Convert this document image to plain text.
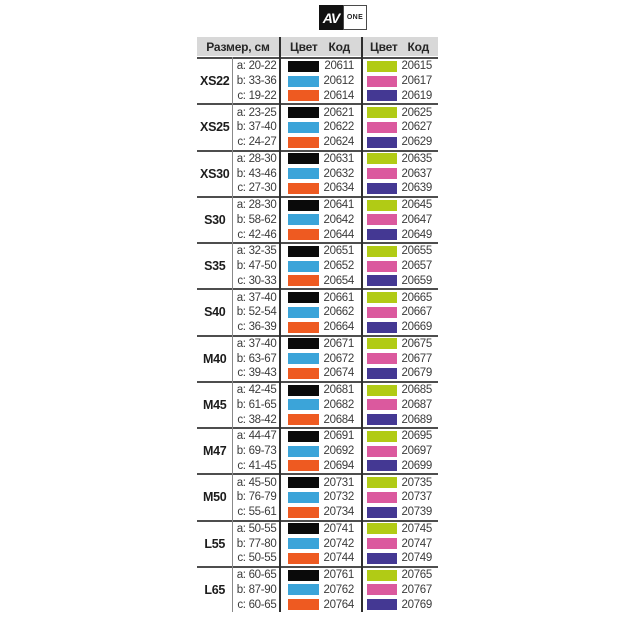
AV	ONE
Размер, см	Цвет Код Цвет Код
XS22
a: 20-22	20611	20615
b: 33-36	20612	20617
c: 19-22	20614	20619
XS25
a: 23-25	20621	20625
b: 37-40	20622	20627
c: 24-27	20624	20629
XS30
a: 28-30	20631	20635
b: 43-46	20632	20637
c: 27-30	20634	20639
S30
a: 28-30	20641	20645
b: 58-62	20642	20647
c: 42-46	20644	20649
S35
a: 32-35	20651	20655
b: 47-50	20652	20657
c: 30-33	20654	20659
S40
a: 37-40	20661	20665
b: 52-54	20662	20667
c: 36-39	20664	20669
M40
a: 37-40	20671	20675
b: 63-67	20672	20677
c: 39-43	20674	20679
M45
a: 42-45	20681	20685
b: 61-65	20682	20687
c: 38-42	20684	20689
M47
a: 44-47	20691	20695
b: 69-73	20692	20697
c: 41-45	20694	20699
M50
a: 45-50	20731	20735
b: 76-79	20732	20737
c: 55-61	20734	20739
L55
a: 50-55	20741	20745
b: 77-80	20742	20747
c: 50-55	20744	20749
L65
a: 60-65	20761	20765
b: 87-90	20762	20767
c: 60-65	20764	20769
